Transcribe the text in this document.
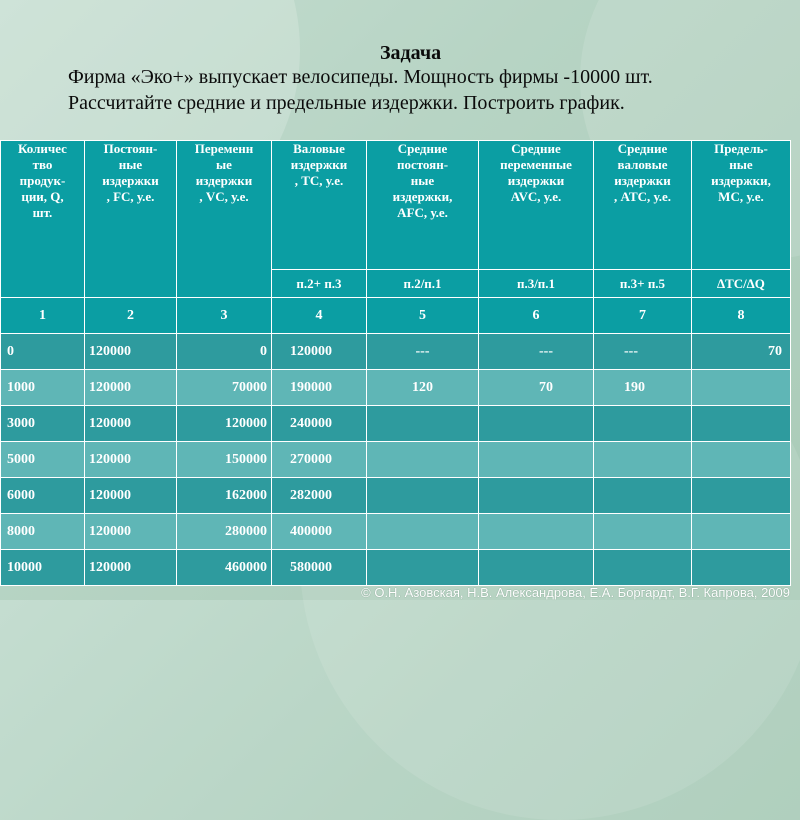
Задача
Фирма «Эко+» выпускает велосипеды. Мощность фирмы -10000 шт.
Рассчитайте средние и предельные издержки. Построить график.
Количес
тво
продук-
ции, Q,
шт.	Постоян-
ные
издержки
, FC, у.е.	Переменн
ые
издержки
, VC, у.е.	Валовые
издержки
, TC, у.е.	Средние
постоян-
ные
издержки,
AFC, у.е.	Средние
переменные
издержки
AVC, у.е.	Средние
валовые
издержки
, ATC, у.е.	Предель-
ные
издержки,
MC, у.е.

			п.2+ п.3	п.2/п.1	п.3/п.1	п.3+ п.5	∆TC/∆Q
1	2	3	4	5	6	7	8
0	120000	0	120000	---	---	---	70
1000	120000	70000	190000	120	70	190	
3000	120000	120000	240000				
5000	120000	150000	270000				
6000	120000	162000	282000				
8000	120000	280000	400000				
10000	120000	460000	580000				
© О.Н. Азовская, Н.В. Александрова, Е.А. Боргардт, В.Г. Капрова, 2009
